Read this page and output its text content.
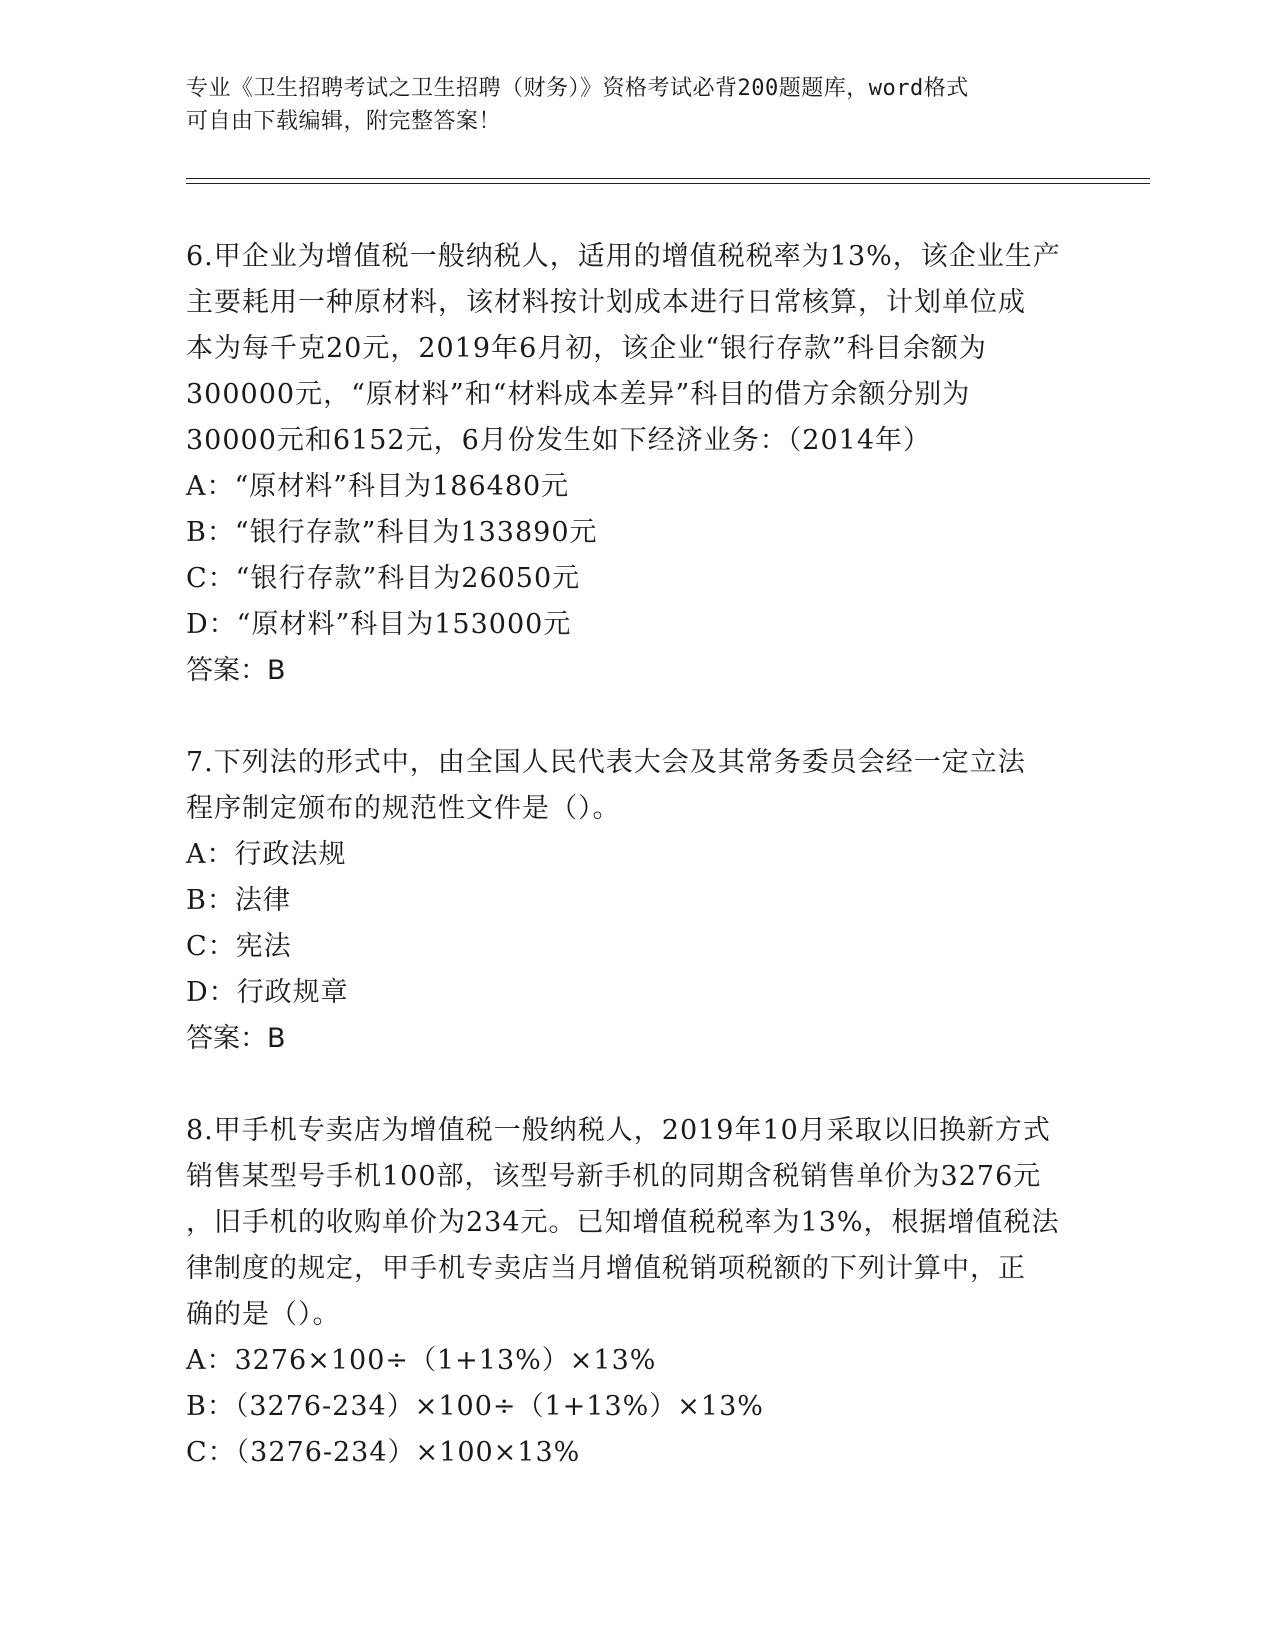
专业《卫生招聘考试之卫生招聘（财务）》资格考试必背200题题库，word格式
可自由下载编辑，附完整答案！
6.甲企业为增值税一般纳税人，适用的增值税税率为13%，该企业生产
主要耗用一种原材料，该材料按计划成本进行日常核算，计划单位成
本为每千克20元，2019年6月初，该企业“银行存款”科目余额为
300000元，“原材料”和“材料成本差异”科目的借方余额分别为
30000元和6152元，6月份发生如下经济业务：（2014年）
A：“原材料”科目为186480元
B：“银行存款”科目为133890元
C：“银行存款”科目为26050元
D：“原材料”科目为153000元
答案：B
7.下列法的形式中，由全国人民代表大会及其常务委员会经一定立法
程序制定颁布的规范性文件是（）。
A：行政法规
B：法律
C：宪法
D：行政规章
答案：B
8.甲手机专卖店为增值税一般纳税人，2019年10月采取以旧换新方式
销售某型号手机100部，该型号新手机的同期含税销售单价为3276元
，旧手机的收购单价为234元。已知增值税税率为13%，根据增值税法
律制度的规定，甲手机专卖店当月增值税销项税额的下列计算中，正
确的是（）。
A：3276×100÷（1+13%）×13%
B：（3276-234）×100÷（1+13%）×13%
C：（3276-234）×100×13%
